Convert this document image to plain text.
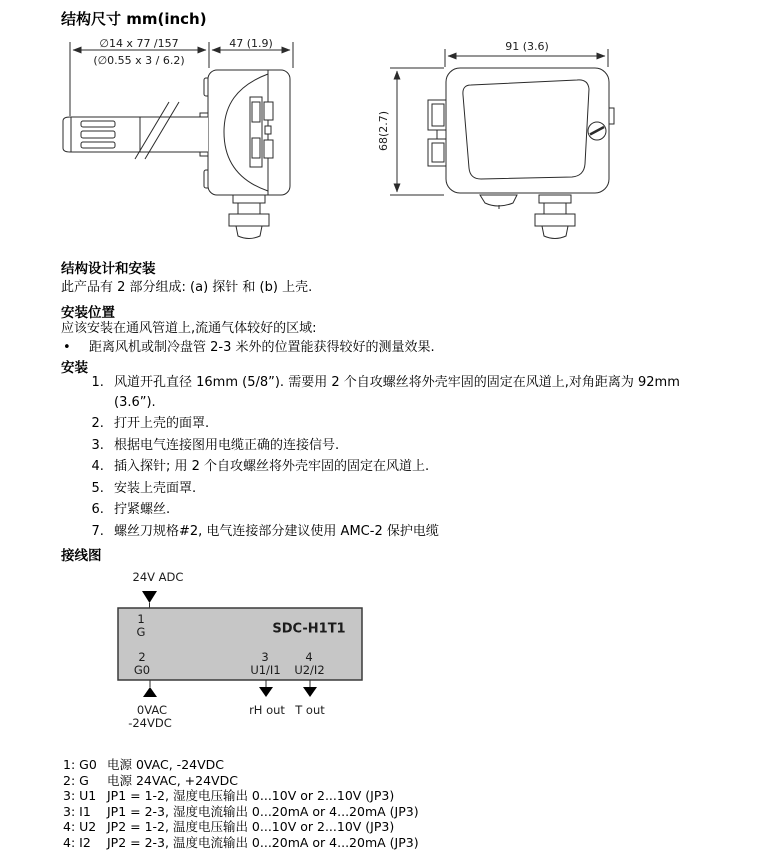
结构尺寸 mm(inch)
∅14 x 77 /157
(∅0.55 x 3 / 6.2)
47 (1.9)	91 (3.6)
68(2.7)
结构设计和安装
此产品有 2 部分组成: (a) 探针 和 (b) 上壳.
安装位置
应该安装在通风管道上,流通气体较好的区域:
• 距离风机或制冷盘管 2-3 米外的位置能获得较好的测量效果.
安装
1. 风道开孔直径 16mm (5/8”). 需要用 2 个自攻螺丝将外壳牢固的固定在风道上,对角距离为 92mm (3.6”).
2. 打开上壳的面罩.
3. 根据电气连接图用电缆正确的连接信号.
4. 插入探针; 用 2 个自攻螺丝将外壳牢固的固定在风道上.
5. 安装上壳面罩.
6. 拧紧螺丝.
7. 螺丝刀规格#2, 电气连接部分建议使用 AMC-2 保护电缆
接线图
24V ADC
1
G	SDC-H1T1
2
G0
3
U1/I1
4
U2/I2
0VAC
-24VDC
rH out T out
1: G0 电源 0VAC, -24VDC
2: G	电源 24VAC, +24VDC
3: U1 JP1 = 1-2, 湿度电压输出 0...10V or 2...10V (JP3)
3: I1	JP1 = 2-3, 湿度电流输出 0...20mA or 4...20mA (JP3)
4: U2 JP2 = 1-2, 温度电压输出 0...10V or 2...10V (JP3)
4: I2	JP2 = 2-3, 温度电流输出 0...20mA or 4...20mA (JP3)
